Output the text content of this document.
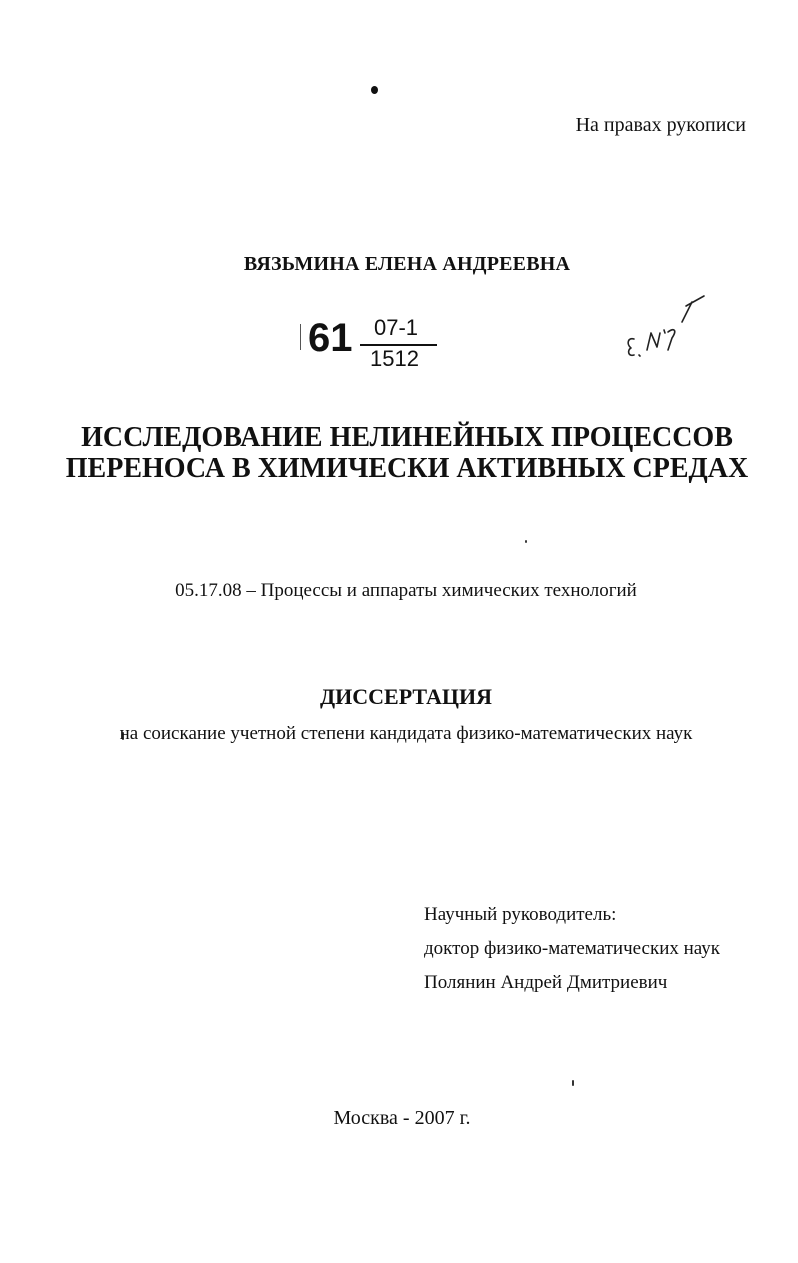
На правах рукописи
ВЯЗЬМИНА ЕЛЕНА АНДРЕЕВНА
61 07-1
1512
ИССЛЕДОВАНИЕ НЕЛИНЕЙНЫХ ПРОЦЕССОВ
ПЕРЕНОСА В ХИМИЧЕСКИ АКТИВНЫХ СРЕДАХ
05.17.08 – Процессы и аппараты химических технологий
ДИССЕРТАЦИЯ
на соискание учетной степени кандидата физико-математических наук
Научный руководитель:
доктор физико-математических наук
Полянин Андрей Дмитриевич
Москва - 2007 г.
